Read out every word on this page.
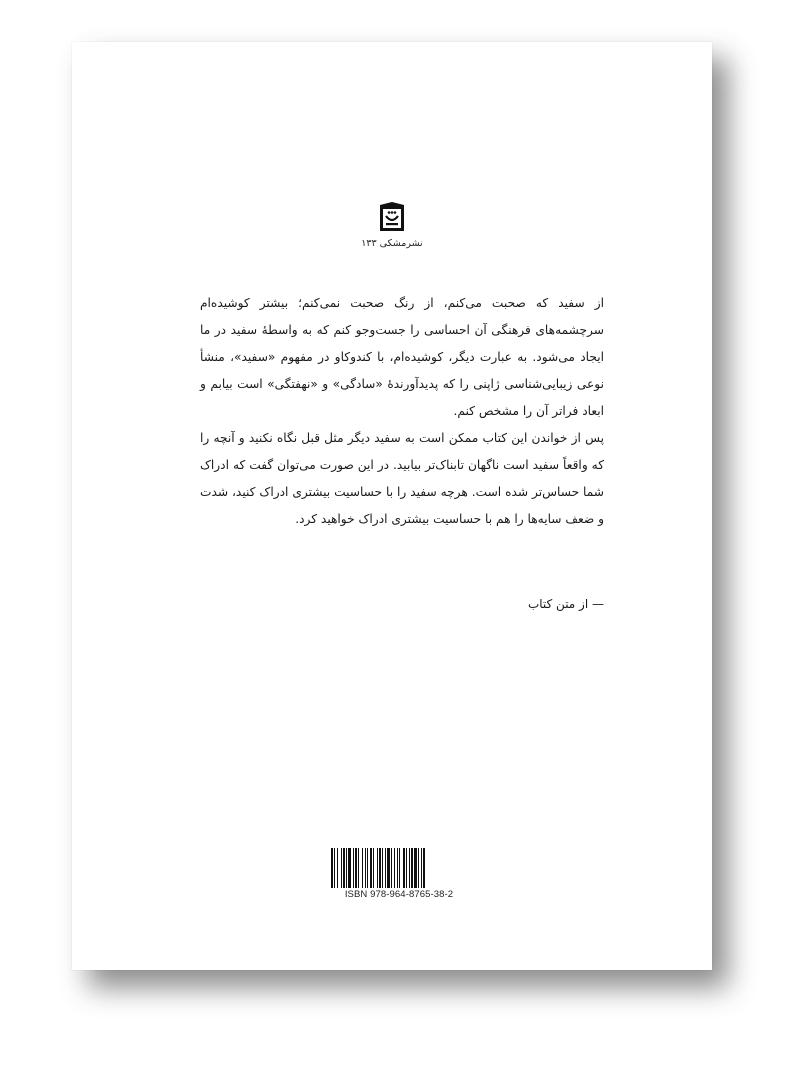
نشرمشکی ۱۳۳

از سفید که صحبت می‌کنم، از رنگ صحبت نمی‌کنم؛ بیشتر کوشیده‌ام سرچشمه‌های فرهنگی آن احساسی را جست‌وجو کنم که به واسطهٔ سفید در ما ایجاد می‌شود. به عبارت دیگر، کوشیده‌ام، با کندوکاو در مفهوم «سفید»، منشأ نوعی زیبایی‌شناسی ژاپنی را که پدیدآورندهٔ «سادگی» و «نهفتگی» است بیابم و ابعاد فراتر آن را مشخص کنم.

پس از خواندن این کتاب ممکن است به سفید دیگر مثل قبل نگاه نکنید و آنچه را که واقعاً سفید است ناگهان تابناک‌تر بیابید. در این صورت می‌توان گفت که ادراک شما حساس‌تر شده است. هرچه سفید را با حساسیت بیشتری ادراک کنید، شدت و ضعف سایه‌ها را هم با حساسیت بیشتری ادراک خواهید کرد.

— از متن کتاب
ISBN 978-964-8765-38-2
